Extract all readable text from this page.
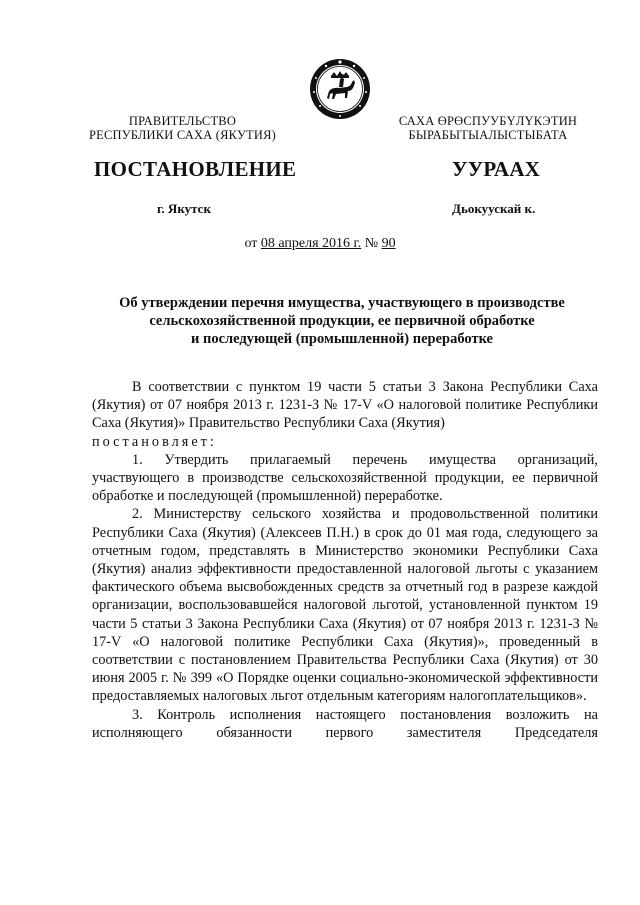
ПРАВИТЕЛЬСТВО
РЕСПУБЛИКИ САХА (ЯКУТИЯ)
САХА ӨРӨСПУУБҮЛҮКЭТИН
БЫРАБЫТЫАЛЫСТЫБАТА
ПОСТАНОВЛЕНИЕ	УУРААХ
г. Якутск	Дьокуускай к.
от 08 апреля 2016 г. № 90
Об утверждении перечня имущества, участвующего в производстве
сельскохозяйственной продукции, ее первичной обработке
и последующей (промышленной) переработке

В соответствии с пунктом 19 части 5 статьи 3 Закона Республики Саха (Якутия) от 07 ноября 2013 г. 1231-З № 17-V «О налоговой политике Республики Саха (Якутия)» Правительство Республики Саха (Якутия)

постановляет:

1. Утвердить прилагаемый перечень имущества организаций, участвующего в производстве сельскохозяйственной продукции, ее первичной обработке и последующей (промышленной) переработке.

2. Министерству сельского хозяйства и продовольственной политики Республики Саха (Якутия) (Алексеев П.Н.) в срок до 01 мая года, следующего за отчетным годом, представлять в Министерство экономики Республики Саха (Якутия) анализ эффективности предоставленной налоговой льготы с указанием фактического объема высвобожденных средств за отчетный год в разрезе каждой организации, воспользовавшейся налоговой льготой, установленной пунктом 19 части 5 статьи 3 Закона Республики Саха (Якутия) от 07 ноября 2013 г. 1231-З № 17-V «О налоговой политике Республики Саха (Якутия)», проведенный в соответствии с постановлением Правительства Республики Саха (Якутия) от 30 июня 2005 г. № 399 «О Порядке оценки социально-экономической эффективности предоставляемых налоговых льгот отдельным категориям налогоплательщиков».

3. Контроль исполнения настоящего постановления возложить на исполняющего обязанности первого заместителя Председателя
